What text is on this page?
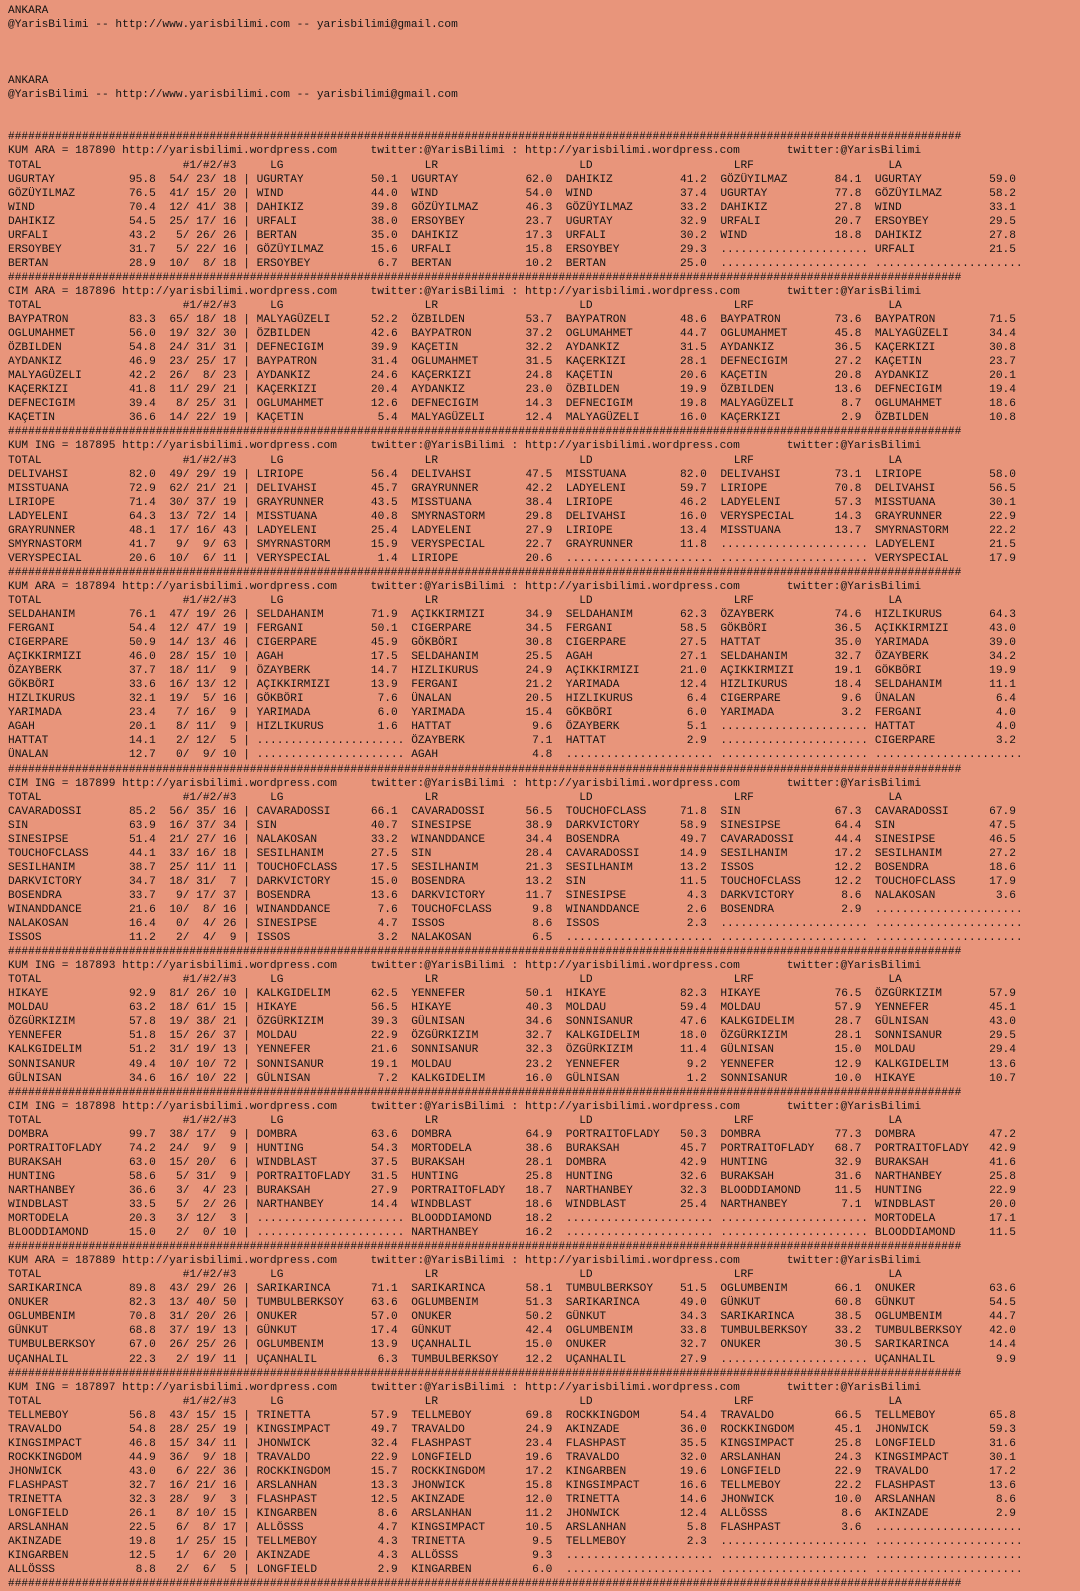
ANKARA
@YarisBilimi -- http://www.yarisbilimi.com -- yarisbilimi@gmail.com
ANKARA
@YarisBilimi -- http://www.yarisbilimi.com -- yarisbilimi@gmail.com
##############################################################################################################################################
KUM ARA = 187890 http://yarisbilimi.wordpress.com     twitter:@YarisBilimi : http://yarisbilimi.wordpress.com       twitter:@YarisBilimi
TOTAL	#1/#2/#3	LG	LR	LD	LRF	LA
UGURTAY	95.8	54/ 23/ 18 | UGURTAY	50.1 UGURTAY	62.0 DAHIKIZ	41.2 GÖZÜYILMAZ	84.1 UGURTAY	59.0
GÖZÜYILMAZ	76.5	41/ 15/ 20 | WIND	44.0 WIND	54.0 WIND	37.4 UGURTAY	77.8 GÖZÜYILMAZ	58.2
WIND	70.4	12/ 41/ 38 | DAHIKIZ	39.8 GÖZÜYILMAZ	46.3 GÖZÜYILMAZ	33.2 DAHIKIZ	27.8 WIND	33.1
DAHIKIZ	54.5	25/ 17/ 16 | URFALI	38.0 ERSOYBEY	23.7 UGURTAY	32.9 URFALI	20.7 ERSOYBEY	29.5
URFALI	43.2	5/ 26/ 26 | BERTAN	35.0 DAHIKIZ	17.3 URFALI	30.2 WIND	18.8 DAHIKIZ	27.8
ERSOYBEY	31.7	5/ 22/ 16 | GÖZÜYILMAZ	15.6 URFALI	15.8 ERSOYBEY	29.3 ...................... URFALI	21.5
BERTAN	28.9	10/  8/ 18 | ERSOYBEY	6.7 BERTAN	10.2 BERTAN	25.0 ...................... ......................
##############################################################################################################################################
CIM ARA = 187896 http://yarisbilimi.wordpress.com     twitter:@YarisBilimi : http://yarisbilimi.wordpress.com       twitter:@YarisBilimi
TOTAL	#1/#2/#3	LG	LR	LD	LRF	LA
BAYPATRON	83.3	65/ 18/ 18 | MALYAGÜZELI	52.2 ÖZBILDEN	53.7 BAYPATRON	48.6 BAYPATRON	73.6 BAYPATRON	71.5
OGLUMAHMET	56.0	19/ 32/ 30 | ÖZBILDEN	42.6 BAYPATRON	37.2 OGLUMAHMET	44.7 OGLUMAHMET	45.8 MALYAGÜZELI	34.4
ÖZBILDEN	54.8	24/ 31/ 31 | DEFNECIGIM	39.9 KAÇETIN	32.2 AYDANKIZ	31.5 AYDANKIZ	36.5 KAÇERKIZI	30.8
AYDANKIZ	46.9	23/ 25/ 17 | BAYPATRON	31.4 OGLUMAHMET	31.5 KAÇERKIZI	28.1 DEFNECIGIM	27.2 KAÇETIN	23.7
MALYAGÜZELI	42.2	26/  8/ 23 | AYDANKIZ	24.6 KAÇERKIZI	24.8 KAÇETIN	20.6 KAÇETIN	20.8 AYDANKIZ	20.1
KAÇERKIZI	41.8	11/ 29/ 21 | KAÇERKIZI	20.4 AYDANKIZ	23.0 ÖZBILDEN	19.9 ÖZBILDEN	13.6 DEFNECIGIM	19.4
DEFNECIGIM	39.4	8/ 25/ 31 | OGLUMAHMET	12.6 DEFNECIGIM	14.3 DEFNECIGIM	19.8 MALYAGÜZELI	8.7 OGLUMAHMET	18.6
KAÇETIN	36.6	14/ 22/ 19 | KAÇETIN	5.4 MALYAGÜZELI	12.4 MALYAGÜZELI	16.0 KAÇERKIZI	2.9 ÖZBILDEN	10.8
##############################################################################################################################################
KUM ING = 187895 http://yarisbilimi.wordpress.com     twitter:@YarisBilimi : http://yarisbilimi.wordpress.com       twitter:@YarisBilimi
TOTAL	#1/#2/#3	LG	LR	LD	LRF	LA
DELIVAHSI	82.0	49/ 29/ 19 | LIRIOPE	56.4 DELIVAHSI	47.5 MISSTUANA	82.0 DELIVAHSI	73.1 LIRIOPE	58.0
MISSTUANA	72.9	62/ 21/ 21 | DELIVAHSI	45.7 GRAYRUNNER	42.2 LADYELENI	59.7 LIRIOPE	70.8 DELIVAHSI	56.5
LIRIOPE	71.4	30/ 37/ 19 | GRAYRUNNER	43.5 MISSTUANA	38.4 LIRIOPE	46.2 LADYELENI	57.3 MISSTUANA	30.1
LADYELENI	64.3	13/ 72/ 14 | MISSTUANA	40.8 SMYRNASTORM	29.8 DELIVAHSI	16.0 VERYSPECIAL	14.3 GRAYRUNNER	22.9
GRAYRUNNER	48.1	17/ 16/ 43 | LADYELENI	25.4 LADYELENI	27.9 LIRIOPE	13.4 MISSTUANA	13.7 SMYRNASTORM	22.2
SMYRNASTORM	41.7	9/  9/ 63 | SMYRNASTORM	15.9 VERYSPECIAL	22.7 GRAYRUNNER	11.8 ...................... LADYELENI	21.5
VERYSPECIAL	20.6	10/  6/ 11 | VERYSPECIAL	1.4 LIRIOPE	20.6 ...................... ...................... VERYSPECIAL	17.9
##############################################################################################################################################
KUM ARA = 187894 http://yarisbilimi.wordpress.com     twitter:@YarisBilimi : http://yarisbilimi.wordpress.com       twitter:@YarisBilimi
TOTAL	#1/#2/#3	LG	LR	LD	LRF	LA
SELDAHANIM	76.1	47/ 19/ 26 | SELDAHANIM	71.9 AÇIKKIRMIZI	34.9 SELDAHANIM	62.3 ÖZAYBERK	74.6 HIZLIKURUS	64.3
FERGANI	54.4	12/ 47/ 19 | FERGANI	50.1 CIGERPARE	34.5 FERGANI	58.5 GÖKBÖRI	36.5 AÇIKKIRMIZI	43.0
CIGERPARE	50.9	14/ 13/ 46 | CIGERPARE	45.9 GÖKBÖRI	30.8 CIGERPARE	27.5 HATTAT	35.0 YARIMADA	39.0
AÇIKKIRMIZI	46.0	28/ 15/ 10 | AGAH	17.5 SELDAHANIM	25.5 AGAH	27.1 SELDAHANIM	32.7 ÖZAYBERK	34.2
ÖZAYBERK	37.7	18/ 11/  9 | ÖZAYBERK	14.7 HIZLIKURUS	24.9 AÇIKKIRMIZI	21.0 AÇIKKIRMIZI	19.1 GÖKBÖRI	19.9
GÖKBÖRI	33.6	16/ 13/ 12 | AÇIKKIRMIZI	13.9 FERGANI	21.2 YARIMADA	12.4 HIZLIKURUS	18.4 SELDAHANIM	11.1
HIZLIKURUS	32.1	19/  5/ 16 | GÖKBÖRI	7.6 ÜNALAN	20.5 HIZLIKURUS	6.4 CIGERPARE	9.6 ÜNALAN	6.4
YARIMADA	23.4	7/ 16/  9 | YARIMADA	6.0 YARIMADA	15.4 GÖKBÖRI	6.0 YARIMADA	3.2 FERGANI	4.0
AGAH	20.1	8/ 11/  9 | HIZLIKURUS	1.6 HATTAT	9.6 ÖZAYBERK	5.1 ...................... HATTAT	4.0
HATTAT	14.1	2/ 12/  5 | ...................... ÖZAYBERK	7.1 HATTAT	2.9 ...................... CIGERPARE	3.2
ÜNALAN	12.7	0/  9/ 10 | ...................... AGAH	4.8 ...................... ...................... ......................
##############################################################################################################################################
CIM ING = 187899 http://yarisbilimi.wordpress.com     twitter:@YarisBilimi : http://yarisbilimi.wordpress.com       twitter:@YarisBilimi
TOTAL	#1/#2/#3	LG	LR	LD	LRF	LA
CAVARADOSSI	85.2	56/ 35/ 16 | CAVARADOSSI	66.1 CAVARADOSSI	56.5 TOUCHOFCLASS	71.8 SIN	67.3 CAVARADOSSI	67.9
SIN	63.9	16/ 37/ 34 | SIN	40.7 SINESIPSE	38.9 DARKVICTORY	58.9 SINESIPSE	64.4 SIN	47.5
SINESIPSE	51.4	21/ 27/ 16 | NALAKOSAN	33.2 WINANDDANCE	34.4 BOSENDRA	49.7 CAVARADOSSI	44.4 SINESIPSE	46.5
TOUCHOFCLASS	44.1	33/ 16/ 18 | SESILHANIM	27.5 SIN	28.4 CAVARADOSSI	14.9 SESILHANIM	17.2 SESILHANIM	27.2
SESILHANIM	38.7	25/ 11/ 11 | TOUCHOFCLASS	17.5 SESILHANIM	21.3 SESILHANIM	13.2 ISSOS	12.2 BOSENDRA	18.6
DARKVICTORY	34.7	18/ 31/  7 | DARKVICTORY	15.0 BOSENDRA	13.2 SIN	11.5 TOUCHOFCLASS	12.2 TOUCHOFCLASS	17.9
BOSENDRA	33.7	9/ 17/ 37 | BOSENDRA	13.6 DARKVICTORY	11.7 SINESIPSE	4.3 DARKVICTORY	8.6 NALAKOSAN	3.6
WINANDDANCE	21.6	10/  8/ 16 | WINANDDANCE	7.6 TOUCHOFCLASS	9.8 WINANDDANCE	2.6 BOSENDRA	2.9 ......................
NALAKOSAN	16.4	0/  4/ 26 | SINESIPSE	4.7 ISSOS	8.6 ISSOS	2.3 ...................... ......................
ISSOS	11.2	2/  4/  9 | ISSOS	3.2 NALAKOSAN	6.5 ...................... ...................... ......................
##############################################################################################################################################
KUM ING = 187893 http://yarisbilimi.wordpress.com     twitter:@YarisBilimi : http://yarisbilimi.wordpress.com       twitter:@YarisBilimi
TOTAL	#1/#2/#3	LG	LR	LD	LRF	LA
HIKAYE	92.9	81/ 26/ 10 | KALKGIDELIM	62.5 YENNEFER	50.1 HIKAYE	82.3 HIKAYE	76.5 ÖZGÜRKIZIM	57.9
MOLDAU	63.2	18/ 61/ 15 | HIKAYE	56.5 HIKAYE	40.3 MOLDAU	59.4 MOLDAU	57.9 YENNEFER	45.1
ÖZGÜRKIZIM	57.8	19/ 38/ 21 | ÖZGÜRKIZIM	39.3 GÜLNISAN	34.6 SONNISANUR	47.6 KALKGIDELIM	28.7 GÜLNISAN	43.0
YENNEFER	51.8	15/ 26/ 37 | MOLDAU	22.9 ÖZGÜRKIZIM	32.7 KALKGIDELIM	18.0 ÖZGÜRKIZIM	28.1 SONNISANUR	29.5
KALKGIDELIM	51.2	31/ 19/ 13 | YENNEFER	21.6 SONNISANUR	32.3 ÖZGÜRKIZIM	11.4 GÜLNISAN	15.0 MOLDAU	29.4
SONNISANUR	49.4	10/ 10/ 72 | SONNISANUR	19.1 MOLDAU	23.2 YENNEFER	9.2 YENNEFER	12.9 KALKGIDELIM	13.6
GÜLNISAN	34.6	16/ 10/ 22 | GÜLNISAN	7.2 KALKGIDELIM	16.0 GÜLNISAN	1.2 SONNISANUR	10.0 HIKAYE	10.7
##############################################################################################################################################
CIM ING = 187898 http://yarisbilimi.wordpress.com     twitter:@YarisBilimi : http://yarisbilimi.wordpress.com       twitter:@YarisBilimi
TOTAL	#1/#2/#3	LG	LR	LD	LRF	LA
DOMBRA	99.7	38/ 17/  9 | DOMBRA	63.6 DOMBRA	64.9 PORTRAITOFLADY	50.3 DOMBRA	77.3 DOMBRA	47.2
PORTRAITOFLADY	74.2	24/  9/  9 | HUNTING	54.3 MORTODELA	38.6 BURAKSAH	45.7 PORTRAITOFLADY	68.7 PORTRAITOFLADY	42.9
BURAKSAH	63.0	15/ 20/  6 | WINDBLAST	37.5 BURAKSAH	28.1 DOMBRA	42.9 HUNTING	32.9 BURAKSAH	41.6
HUNTING	58.6	5/ 31/  9 | PORTRAITOFLADY	31.5 HUNTING	25.8 HUNTING	32.6 BURAKSAH	31.6 NARTHANBEY	25.8
NARTHANBEY	36.6	3/  4/ 23 | BURAKSAH	27.9 PORTRAITOFLADY	18.7 NARTHANBEY	32.3 BLOODDIAMOND	11.5 HUNTING	22.9
WINDBLAST	33.5	5/  2/ 26 | NARTHANBEY	14.4 WINDBLAST	18.6 WINDBLAST	25.4 NARTHANBEY	7.1 WINDBLAST	20.0
MORTODELA	20.3	3/ 12/  3 | ...................... BLOODDIAMOND	18.2 ...................... ...................... MORTODELA	17.1
BLOODDIAMOND	15.0	2/  0/ 10 | ...................... NARTHANBEY	16.2 ...................... ...................... BLOODDIAMOND	11.5
##############################################################################################################################################
KUM ARA = 187889 http://yarisbilimi.wordpress.com     twitter:@YarisBilimi : http://yarisbilimi.wordpress.com       twitter:@YarisBilimi
TOTAL	#1/#2/#3	LG	LR	LD	LRF	LA
SARIKARINCA	89.8	43/ 29/ 26 | SARIKARINCA	71.1 SARIKARINCA	58.1 TUMBULBERKSOY	51.5 OGLUMBENIM	66.1 ONUKER	63.6
ONUKER	82.3	13/ 40/ 50 | TUMBULBERKSOY	63.6 OGLUMBENIM	51.3 SARIKARINCA	49.0 GÜNKUT	60.8 GÜNKUT	54.5
OGLUMBENIM	70.8	31/ 20/ 26 | ONUKER	57.0 ONUKER	50.2 GÜNKUT	34.3 SARIKARINCA	38.5 OGLUMBENIM	44.7
GÜNKUT	68.8	37/ 19/ 13 | GÜNKUT	17.4 GÜNKUT	42.4 OGLUMBENIM	33.8 TUMBULBERKSOY	33.2 TUMBULBERKSOY	42.0
TUMBULBERKSOY	67.0	26/ 25/ 26 | OGLUMBENIM	13.9 UÇANHALIL	15.0 ONUKER	32.7 ONUKER	30.5 SARIKARINCA	14.4
UÇANHALIL	22.3	2/ 19/ 11 | UÇANHALIL	6.3 TUMBULBERKSOY	12.2 UÇANHALIL	27.9 ...................... UÇANHALIL	9.9
##############################################################################################################################################
KUM ING = 187897 http://yarisbilimi.wordpress.com     twitter:@YarisBilimi : http://yarisbilimi.wordpress.com       twitter:@YarisBilimi
TOTAL	#1/#2/#3	LG	LR	LD	LRF	LA
TELLMEBOY	56.8	43/ 15/ 15 | TRINETTA	57.9 TELLMEBOY	69.8 ROCKKINGDOM	54.4 TRAVALDO	66.5 TELLMEBOY	65.8
TRAVALDO	54.8	28/ 25/ 19 | KINGSIMPACT	49.7 TRAVALDO	24.9 AKINZADE	36.0 ROCKKINGDOM	45.1 JHONWICK	59.3
KINGSIMPACT	46.8	15/ 34/ 11 | JHONWICK	32.4 FLASHPAST	23.4 FLASHPAST	35.5 KINGSIMPACT	25.8 LONGFIELD	31.6
ROCKKINGDOM	44.9	36/  9/ 18 | TRAVALDO	22.9 LONGFIELD	19.6 TRAVALDO	32.0 ARSLANHAN	24.3 KINGSIMPACT	30.1
JHONWICK	43.0	6/ 22/ 36 | ROCKKINGDOM	15.7 ROCKKINGDOM	17.2 KINGARBEN	19.6 LONGFIELD	22.9 TRAVALDO	17.2
FLASHPAST	32.7	16/ 21/ 16 | ARSLANHAN	13.3 JHONWICK	15.8 KINGSIMPACT	16.6 TELLMEBOY	22.2 FLASHPAST	13.6
TRINETTA	32.3	28/  9/  3 | FLASHPAST	12.5 AKINZADE	12.0 TRINETTA	14.6 JHONWICK	10.0 ARSLANHAN	8.6
LONGFIELD	26.1	8/ 10/ 15 | KINGARBEN	8.6 ARSLANHAN	11.2 JHONWICK	12.4 ALLÖSSS	8.6 AKINZADE	2.9
ARSLANHAN	22.5	6/  8/ 17 | ALLÖSSS	4.7 KINGSIMPACT	10.5 ARSLANHAN	5.8 FLASHPAST	3.6 ......................
AKINZADE	19.8	1/ 25/ 15 | TELLMEBOY	4.3 TRINETTA	9.5 TELLMEBOY	2.3 ...................... ......................
KINGARBEN	12.5	1/  6/ 20 | AKINZADE	4.3 ALLÖSSS	9.3 ...................... ...................... ......................
ALLÖSSS	8.8	2/  6/  5 | LONGFIELD	2.9 KINGARBEN	6.0 ...................... ...................... ......................
##############################################################################################################################################
